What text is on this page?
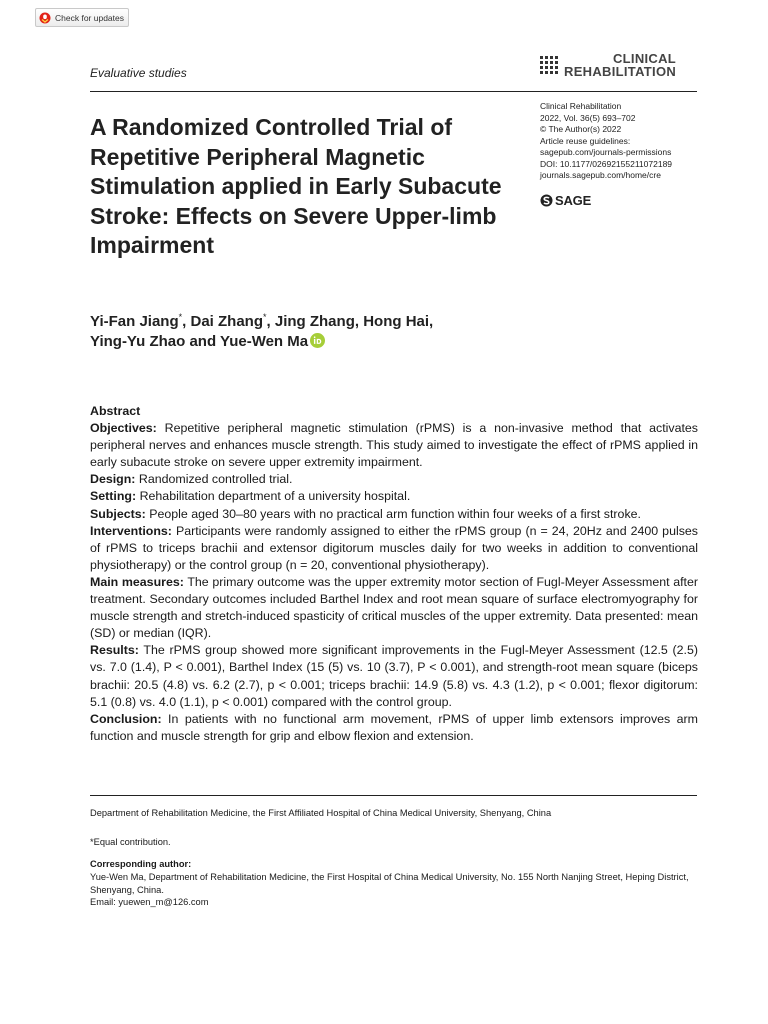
Check for updates
Evaluative studies
CLINICAL
REHABILITATION
A Randomized Controlled Trial of Repetitive Peripheral Magnetic Stimulation applied in Early Subacute Stroke: Effects on Severe Upper-limb Impairment
Clinical Rehabilitation
2022, Vol. 36(5) 693–702
© The Author(s) 2022
Article reuse guidelines:
sagepub.com/journals-permissions
DOI: 10.1177/02692155211072189
journals.sagepub.com/home/cre
SAGE
Yi-Fan Jiang*, Dai Zhang*, Jing Zhang, Hong Hai,
Ying-Yu Zhao and Yue-Wen Ma

Abstract

Objectives: Repetitive peripheral magnetic stimulation (rPMS) is a non-invasive method that activates peripheral nerves and enhances muscle strength. This study aimed to investigate the effect of rPMS applied in early subacute stroke on severe upper extremity impairment.

Design: Randomized controlled trial.

Setting: Rehabilitation department of a university hospital.

Subjects: People aged 30–80 years with no practical arm function within four weeks of a first stroke.

Interventions: Participants were randomly assigned to either the rPMS group (n = 24, 20Hz and 2400 pulses of rPMS to triceps brachii and extensor digitorum muscles daily for two weeks in addition to conventional physiotherapy) or the control group (n = 20, conventional physiotherapy).

Main measures: The primary outcome was the upper extremity motor section of Fugl-Meyer Assessment after treatment. Secondary outcomes included Barthel Index and root mean square of surface electromyography for muscle strength and stretch-induced spasticity of critical muscles of the upper extremity. Data presented: mean (SD) or median (IQR).

Results: The rPMS group showed more significant improvements in the Fugl-Meyer Assessment (12.5 (2.5) vs. 7.0 (1.4), P < 0.001), Barthel Index (15 (5) vs. 10 (3.7), P < 0.001), and strength-root mean square (biceps brachii: 20.5 (4.8) vs. 6.2 (2.7), p < 0.001; triceps brachii: 14.9 (5.8) vs. 4.3 (1.2), p < 0.001; flexor digitorum: 5.1 (0.8) vs. 4.0 (1.1), p < 0.001) compared with the control group.

Conclusion: In patients with no functional arm movement, rPMS of upper limb extensors improves arm function and muscle strength for grip and elbow flexion and extension.

Department of Rehabilitation Medicine, the First Affiliated Hospital of China Medical University, Shenyang, China
*Equal contribution.
Corresponding author:
Yue-Wen Ma, Department of Rehabilitation Medicine, the First Hospital of China Medical University, No. 155 North Nanjing Street, Heping District, Shenyang, China.
Email: yuewen_m@126.com
